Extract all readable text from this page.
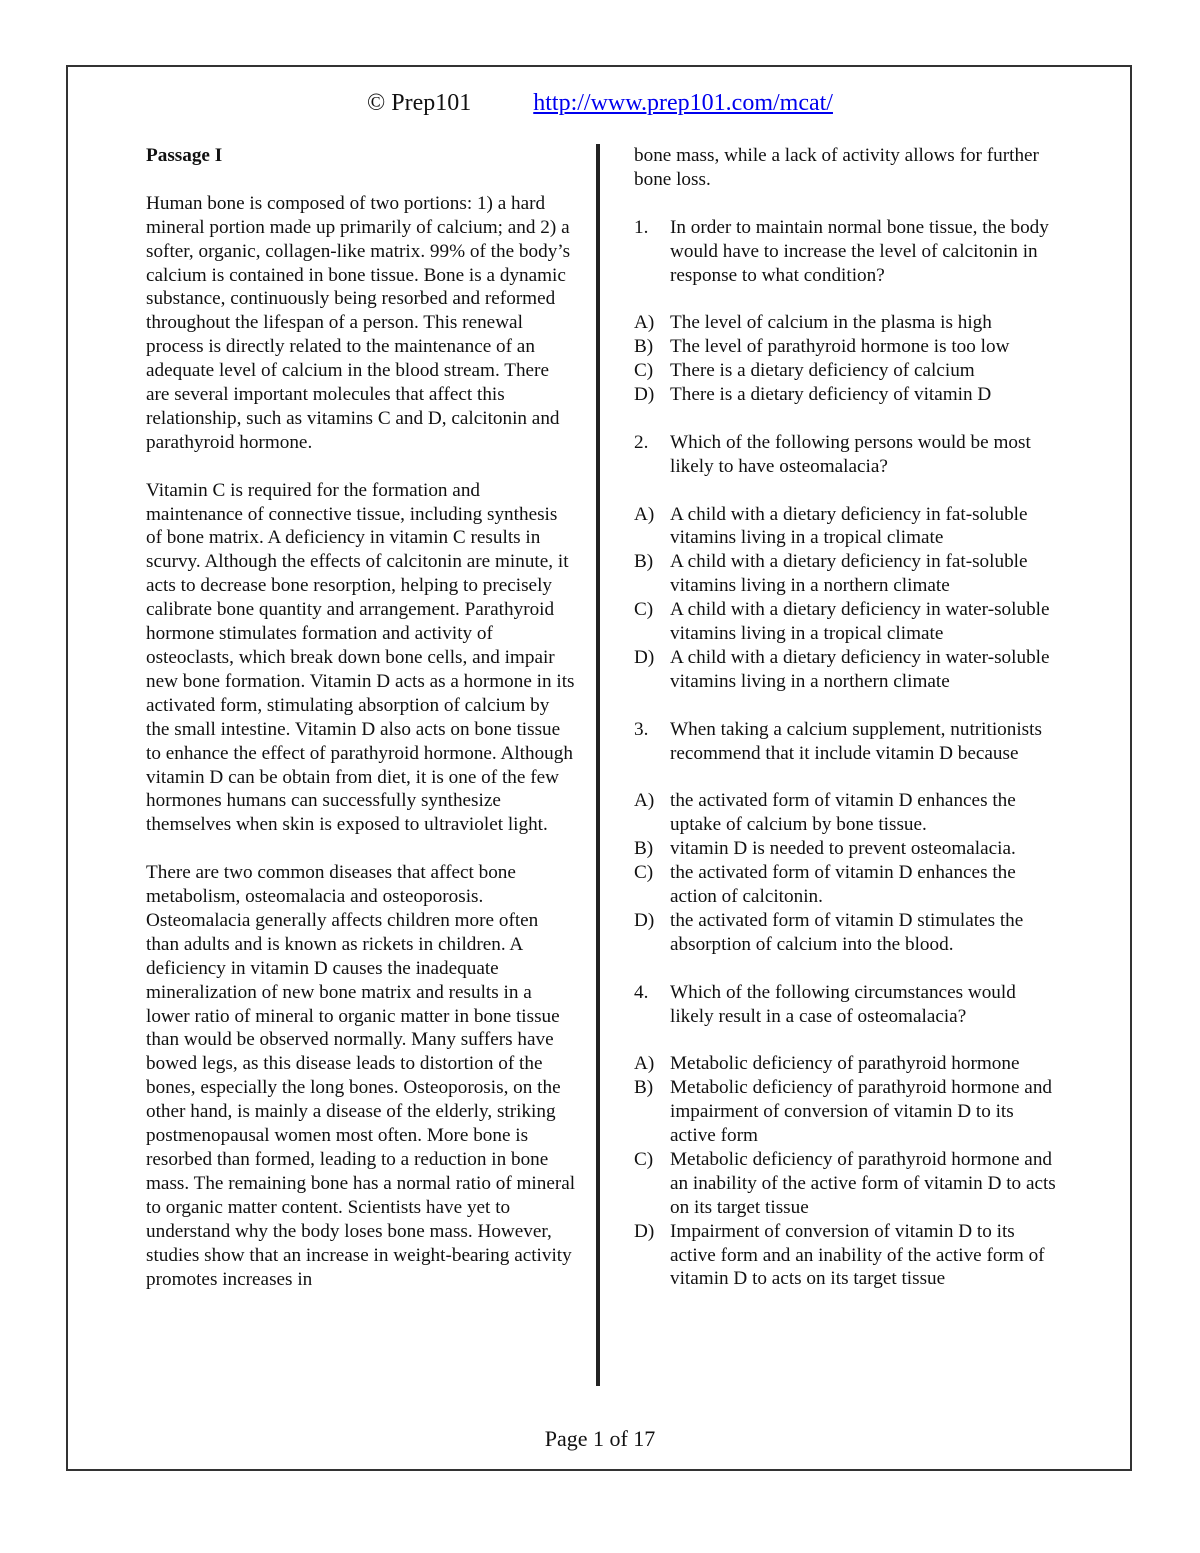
© Prep101	http://www.prep101.com/mcat/

Passage I

Human bone is composed of two portions: 1) a hard mineral portion made up primarily of calcium; and 2) a softer, organic, collagen-like matrix. 99% of the body’s calcium is contained in bone tissue. Bone is a dynamic substance, continuously being resorbed and reformed throughout the lifespan of a person. This renewal process is directly related to the maintenance of an adequate level of calcium in the blood stream. There are several important molecules that affect this relationship, such as vitamins C and D, calcitonin and parathyroid hormone.

Vitamin C is required for the formation and maintenance of connective tissue, including synthesis of bone matrix. A deficiency in vitamin C results in scurvy. Although the effects of calcitonin are minute, it acts to decrease bone resorption, helping to precisely calibrate bone quantity and arrangement. Parathyroid hormone stimulates formation and activity of osteoclasts, which break down bone cells, and impair new bone formation. Vitamin D acts as a hormone in its activated form, stimulating absorption of calcium by the small intestine. Vitamin D also acts on bone tissue to enhance the effect of parathyroid hormone. Although vitamin D can be obtain from diet, it is one of the few hormones humans can successfully synthesize themselves when skin is exposed to ultraviolet light.

There are two common diseases that affect bone metabolism, osteomalacia and osteoporosis. Osteomalacia generally affects children more often than adults and is known as rickets in children. A deficiency in vitamin D causes the inadequate mineralization of new bone matrix and results in a lower ratio of mineral to organic matter in bone tissue than would be observed normally. Many suffers have bowed legs, as this disease leads to distortion of the bones, especially the long bones. Osteoporosis, on the other hand, is mainly a disease of the elderly, striking postmenopausal women most often. More bone is resorbed than formed, leading to a reduction in bone mass. The remaining bone has a normal ratio of mineral to organic matter content. Scientists have yet to understand why the body loses bone mass. However, studies show that an increase in weight-bearing activity promotes increases in

bone mass, while a lack of activity allows for further bone loss.

1.	In order to maintain normal bone tissue, the body would have to increase the level of calcitonin in response to what condition?
A) The level of calcium in the plasma is high
B) The level of parathyroid hormone is too low
C) There is a dietary deficiency of calcium
D) There is a dietary deficiency of vitamin D
2.	Which of the following persons would be most likely to have osteomalacia?
A) A child with a dietary deficiency in fat-soluble vitamins living in a tropical climate
B) A child with a dietary deficiency in fat-soluble vitamins living in a northern climate
C) A child with a dietary deficiency in water-soluble vitamins living in a tropical climate
D) A child with a dietary deficiency in water-soluble vitamins living in a northern climate
3.	When taking a calcium supplement, nutritionists recommend that it include vitamin D because
A) the activated form of vitamin D enhances the uptake of calcium by bone tissue.
B) vitamin D is needed to prevent osteomalacia.
C) the activated form of vitamin D enhances the action of calcitonin.
D) the activated form of vitamin D stimulates the absorption of calcium into the blood.
4.	Which of the following circumstances would likely result in a case of osteomalacia?
A) Metabolic deficiency of parathyroid hormone
B) Metabolic deficiency of parathyroid hormone and impairment of conversion of vitamin D to its active form
C) Metabolic deficiency of parathyroid hormone and an inability of the active form of vitamin D to acts on its target tissue
D) Impairment of conversion of vitamin D to its active form and an inability of the active form of vitamin D to acts on its target tissue
Page 1 of 17
